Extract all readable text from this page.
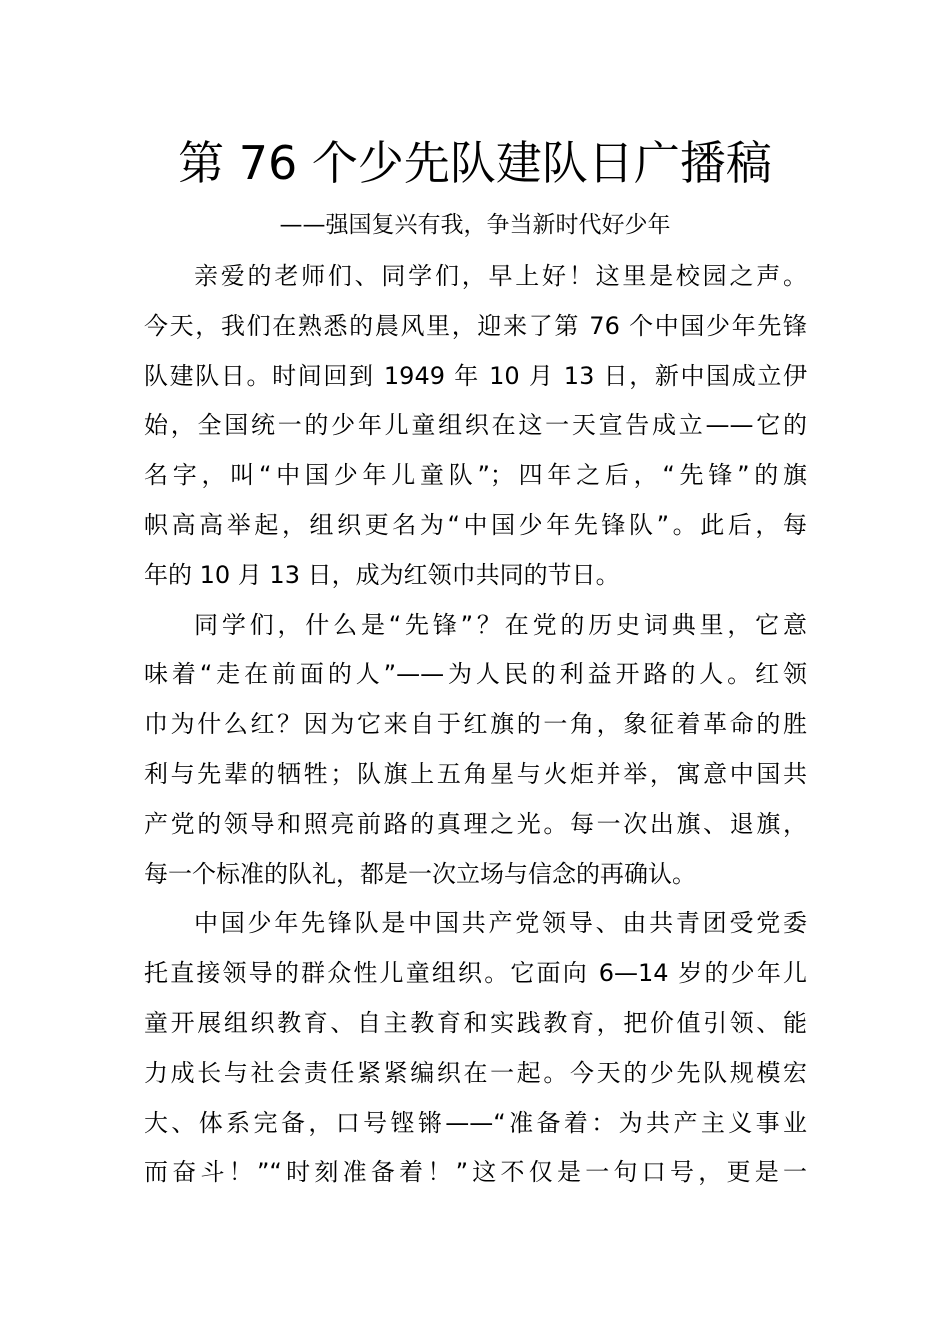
第 76 个少先队建队日广播稿
——强国复兴有我，争当新时代好少年
亲爱的老师们、同学们，早上好！这里是校园之声。
今天，我们在熟悉的晨风里，迎来了第 76 个中国少年先锋
队建队日。时间回到 1949 年 10 月 13 日，新中国成立伊
始，全国统一的少年儿童组织在这一天宣告成立——它的
名字，叫“中国少年儿童队”；四年之后，“先锋”的旗
帜高高举起，组织更名为“中国少年先锋队”。此后，每
年的 10 月 13 日，成为红领巾共同的节日。
同学们，什么是“先锋”？在党的历史词典里，它意
味着“走在前面的人”——为人民的利益开路的人。红领
巾为什么红？因为它来自于红旗的一角，象征着革命的胜
利与先辈的牺牲；队旗上五角星与火炬并举，寓意中国共
产党的领导和照亮前路的真理之光。每一次出旗、退旗，
每一个标准的队礼，都是一次立场与信念的再确认。
中国少年先锋队是中国共产党领导、由共青团受党委
托直接领导的群众性儿童组织。它面向 6—14 岁的少年儿
童开展组织教育、自主教育和实践教育，把价值引领、能
力成长与社会责任紧紧编织在一起。今天的少先队规模宏
大、体系完备，口号铿锵——“准备着：为共产主义事业
而奋斗！”“时刻准备着！”这不仅是一句口号，更是一
